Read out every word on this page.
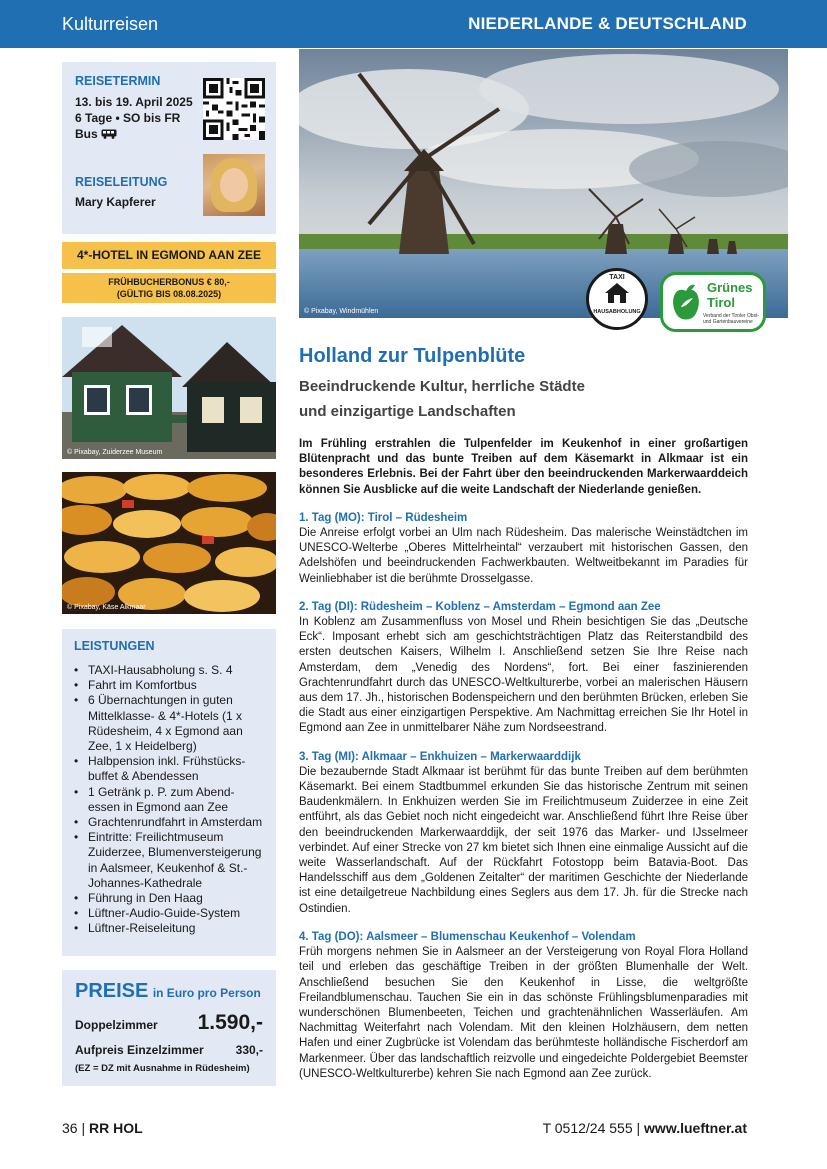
Kulturreisen	NIEDERLANDE & DEUTSCHLAND
REISETERMIN
13. bis 19. April 2025
6 Tage • SO bis FR
Bus
REISELEITUNG
Mary Kapferer
4*-HOTEL IN EGMOND AAN ZEE
FRÜHBUCHERBONUS € 80,-
(GÜLTIG BIS 08.08.2025)
© Pixabay, Zuiderzee Museum
© Pixabay, Käse Alkmaar
LEISTUNGEN
• TAXI-Hausabholung s. S. 4
• Fahrt im Komfortbus
• 6 Übernachtungen in guten Mittelklasse- & 4*-Hotels (1 x Rüdesheim, 4 x Egmond aan Zee, 1 x Heidelberg)
• Halbpension inkl. Frühstücks-buffet & Abendessen
• 1 Getränk p. P. zum Abend-essen in Egmond aan Zee
• Grachtenrundfahrt in Amsterdam
• Eintritte: Freilichtmuseum Zuiderzee, Blumenversteigerung in Aalsmeer, Keukenhof & St.-Johannes-Kathedrale
• Führung in Den Haag
• Lüftner-Audio-Guide-System
• Lüftner-Reiseleitung
PREISE in Euro pro Person
Doppelzimmer 1.590,-
Aufpreis Einzelzimmer	330,-
(EZ = DZ mit Ausnahme in Rüdesheim)
© Pixabay, Windmühlen
TAXI
HAUSABHOLUNG
Grünes
Tirol
Verband der Tiroler Obst- und Gartenbauvereine
Holland zur Tulpenblüte
Beeindruckende Kultur, herrliche Städte
und einzigartige Landschaften

Im Frühling erstrahlen die Tulpenfelder im Keukenhof in einer großartigen Blütenpracht und das bunte Treiben auf dem Käsemarkt in Alkmaar ist ein besonderes Erlebnis. Bei der Fahrt über den beeindruckenden Markerwaarddeich können Sie Ausblicke auf die weite Landschaft der Niederlande genießen.

1. Tag (MO): Tirol – Rüdesheim

Die Anreise erfolgt vorbei an Ulm nach Rüdesheim. Das malerische Weinstädtchen im UNESCO-Welterbe „Oberes Mittelrheintal“ verzaubert mit historischen Gassen, den Adelshöfen und beeindruckenden Fachwerkbauten. Weltweitbekannt im Paradies für Weinliebhaber ist die berühmte Drosselgasse.

2. Tag (DI): Rüdesheim – Koblenz – Amsterdam – Egmond aan Zee

In Koblenz am Zusammenfluss von Mosel und Rhein besichtigen Sie das „Deutsche Eck“. Imposant erhebt sich am geschichtsträchtigen Platz das Reiterstandbild des ersten deutschen Kaisers, Wilhelm I. Anschließend setzen Sie Ihre Reise nach Amsterdam, dem „Venedig des Nordens“, fort. Bei einer faszinierenden Grachtenrundfahrt durch das UNESCO-Weltkulturerbe, vorbei an malerischen Häusern aus dem 17. Jh., historischen Bodenspeichern und den berühmten Brücken, erleben Sie die Stadt aus einer einzigartigen Perspektive. Am Nachmittag erreichen Sie Ihr Hotel in Egmond aan Zee in unmittelbarer Nähe zum Nordseestrand.

3. Tag (MI): Alkmaar – Enkhuizen – Markerwaarddijk

Die bezaubernde Stadt Alkmaar ist berühmt für das bunte Treiben auf dem berühmten Käsemarkt. Bei einem Stadtbummel erkunden Sie das historische Zentrum mit seinen Baudenkmälern. In Enkhuizen werden Sie im Freilichtmuseum Zuiderzee in eine Zeit entführt, als das Gebiet noch nicht eingedeicht war. Anschließend führt Ihre Reise über den beeindruckenden Markerwaarddijk, der seit 1976 das Marker- und IJsselmeer verbindet. Auf einer Strecke von 27 km bietet sich Ihnen eine einmalige Aussicht auf die weite Wasserlandschaft. Auf der Rückfahrt Fotostopp beim Batavia-Boot. Das Handelsschiff aus dem „Goldenen Zeitalter“ der maritimen Geschichte der Niederlande ist eine detailgetreue Nachbildung eines Seglers aus dem 17. Jh. für die Strecke nach Ostindien.

4. Tag (DO): Aalsmeer – Blumenschau Keukenhof – Volendam

Früh morgens nehmen Sie in Aalsmeer an der Versteigerung von Royal Flora Holland teil und erleben das geschäftige Treiben in der größten Blumenhalle der Welt. Anschließend besuchen Sie den Keukenhof in Lisse, die weltgrößte Freilandblumenschau. Tauchen Sie ein in das schönste Frühlingsblumenparadies mit wunderschönen Blumenbeeten, Teichen und grachtenähnlichen Wasserläufen. Am Nachmittag Weiterfahrt nach Volendam. Mit den kleinen Holzhäusern, dem netten Hafen und einer Zugbrücke ist Volendam das berühmteste holländische Fischerdorf am Markenmeer. Über das landschaftlich reizvolle und eingedeichte Poldergebiet Beemster (UNESCO-Weltkulturerbe) kehren Sie nach Egmond aan Zee zurück.

36 | RR HOL	T 0512/24 555 | www.lueftner.at
